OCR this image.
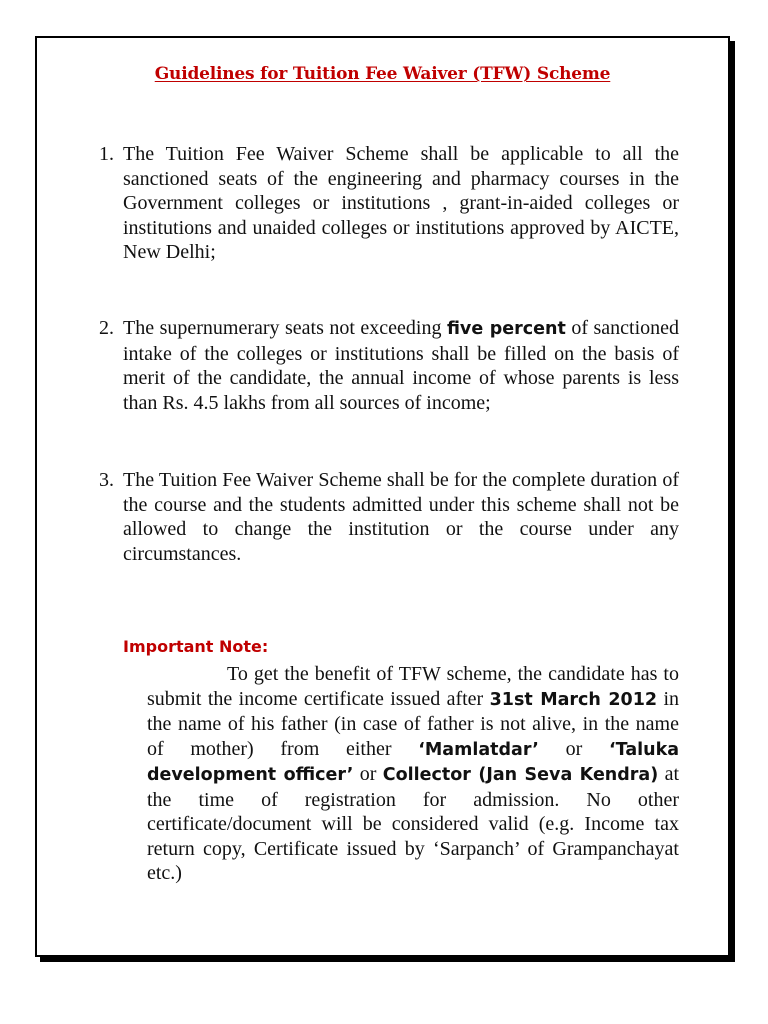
Guidelines for Tuition Fee Waiver (TFW) Scheme

1. The Tuition Fee Waiver Scheme shall be applicable to all the sanctioned seats of the engineering and pharmacy courses in the Government colleges or institutions , grant-in-aided colleges or institutions and unaided colleges or institutions approved by AICTE, New Delhi;

2. The supernumerary seats not exceeding five percent of sanctioned intake of the colleges or institutions shall be filled on the basis of merit of the candidate, the annual income of whose parents is less than Rs. 4.5 lakhs from all sources of income;

3. The Tuition Fee Waiver Scheme shall be for the complete duration of the course and the students admitted under this scheme shall not be allowed to change the institution or the course under any circumstances.

Important Note:

To get the benefit of TFW scheme, the candidate has to submit the income certificate issued after 31st March 2012 in the name of his father (in case of father is not alive, in the name of mother) from either ‘Mamlatdar’ or ‘Taluka development officer’ or Collector (Jan Seva Kendra) at the time of registration for admission. No other certificate/document will be considered valid (e.g. Income tax return copy, Certificate issued by ‘Sarpanch’ of Grampanchayat etc.)
